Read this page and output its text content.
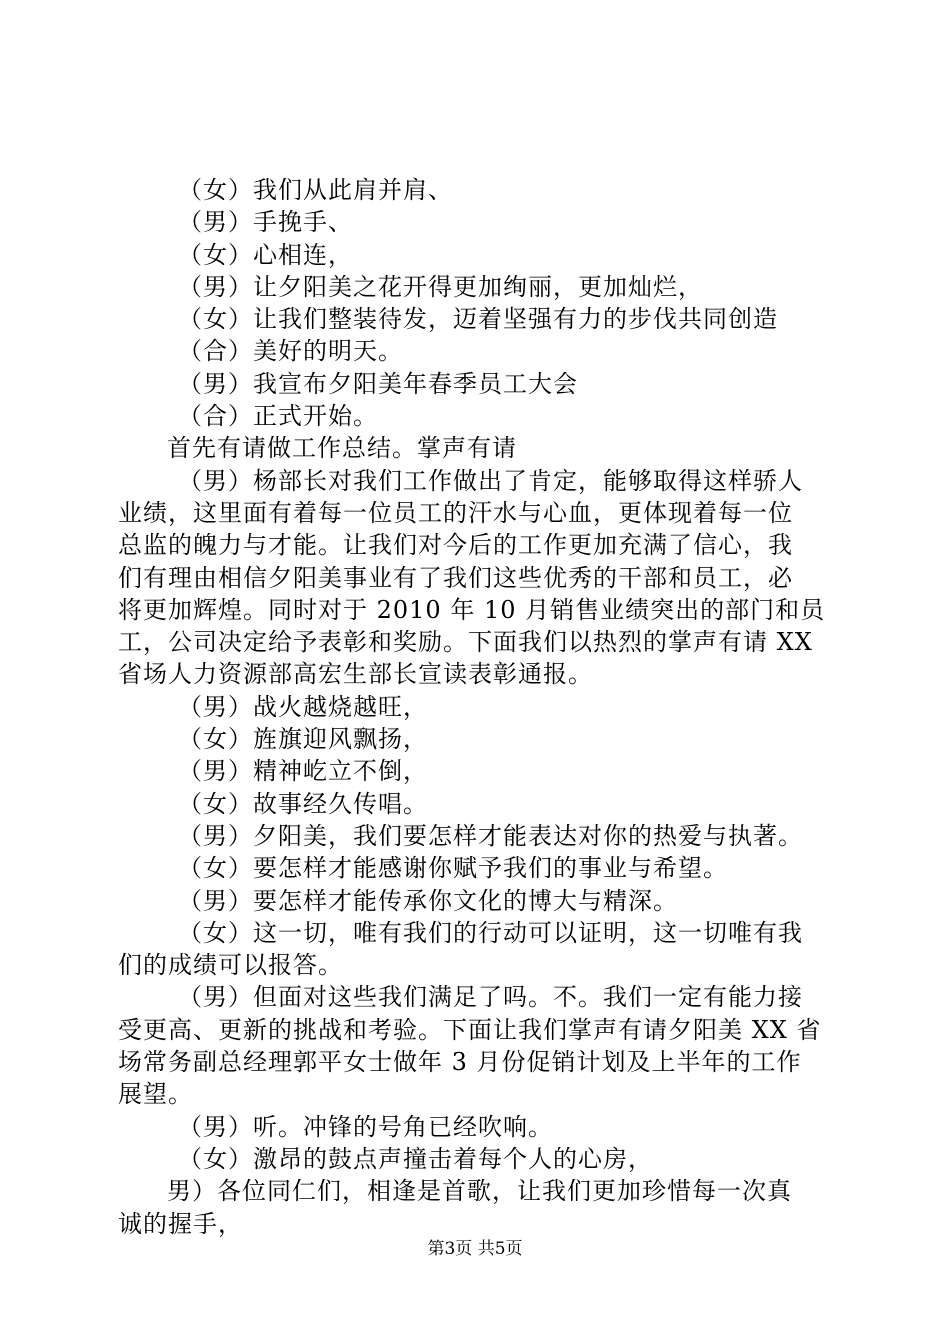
（女）我们从此肩并肩、
（男）手挽手、
（女）心相连，
（男）让夕阳美之花开得更加绚丽，更加灿烂，
（女）让我们整装待发，迈着坚强有力的步伐共同创造
（合）美好的明天。
（男）我宣布夕阳美年春季员工大会
（合）正式开始。
首先有请做工作总结。掌声有请
（男）杨部长对我们工作做出了肯定，能够取得这样骄人
业绩，这里面有着每一位员工的汗水与心血，更体现着每一位
总监的魄力与才能。让我们对今后的工作更加充满了信心，我
们有理由相信夕阳美事业有了我们这些优秀的干部和员工，必
将更加辉煌。同时对于 2010 年 10 月销售业绩突出的部门和员
工，公司决定给予表彰和奖励。下面我们以热烈的掌声有请 XX
省场人力资源部高宏生部长宣读表彰通报。
（男）战火越烧越旺，
（女）旌旗迎风飘扬，
（男）精神屹立不倒，
（女）故事经久传唱。
（男）夕阳美，我们要怎样才能表达对你的热爱与执著。
（女）要怎样才能感谢你赋予我们的事业与希望。
（男）要怎样才能传承你文化的博大与精深。
（女）这一切，唯有我们的行动可以证明，这一切唯有我
们的成绩可以报答。
（男）但面对这些我们满足了吗。不。我们一定有能力接
受更高、更新的挑战和考验。下面让我们掌声有请夕阳美 XX 省
场常务副总经理郭平女士做年 3 月份促销计划及上半年的工作
展望。
（男）听。冲锋的号角已经吹响。
（女）激昂的鼓点声撞击着每个人的心房，
男）各位同仁们，相逢是首歌，让我们更加珍惜每一次真
诚的握手，
第3页 共5页
